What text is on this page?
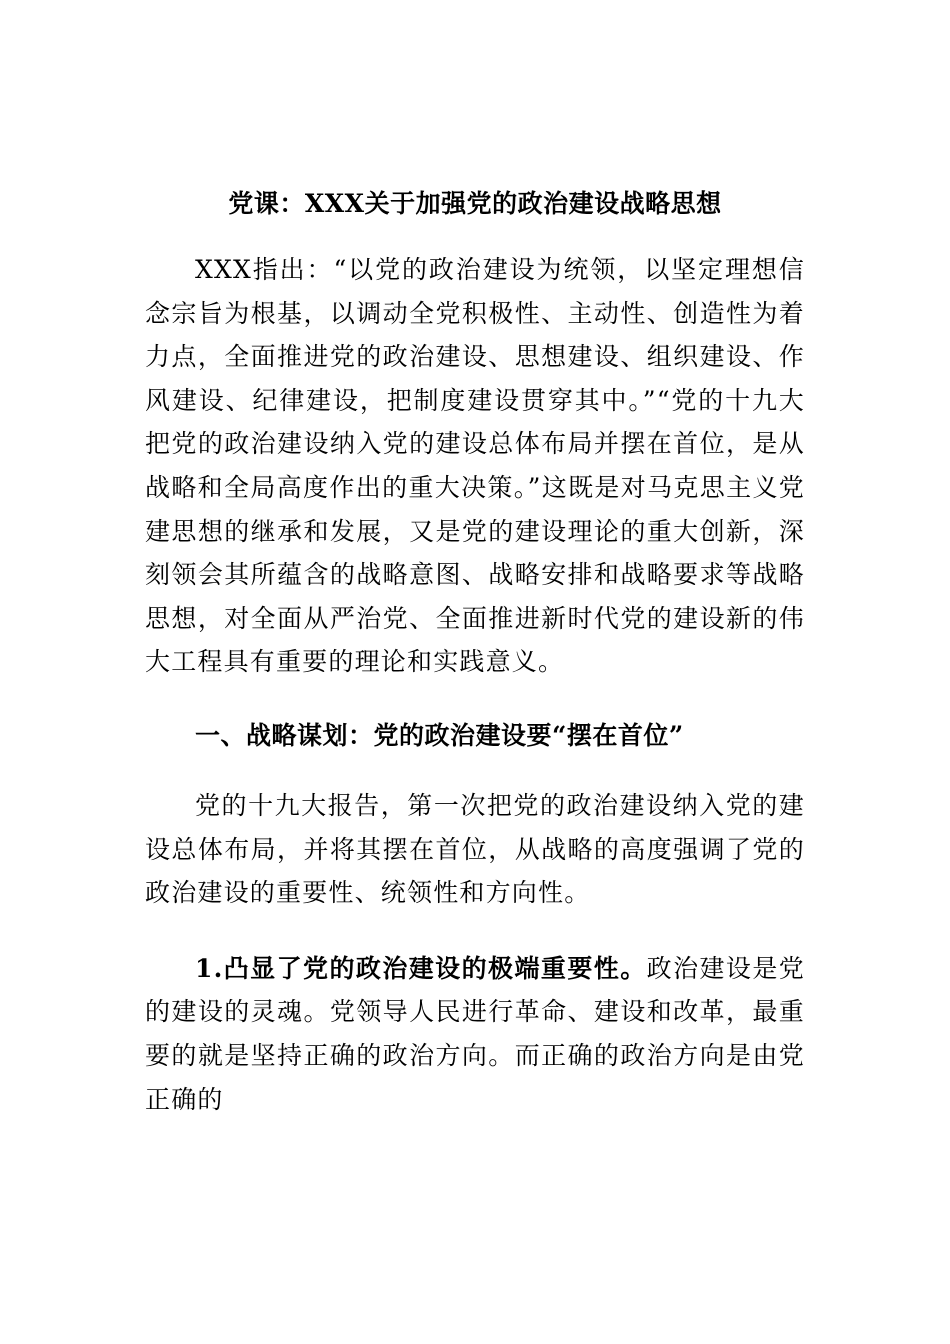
党课：XXX关于加强党的政治建设战略思想

XXX指出：“以党的政治建设为统领，以坚定理想信念宗旨为根基，以调动全党积极性、主动性、创造性为着力点，全面推进党的政治建设、思想建设、组织建设、作风建设、纪律建设，把制度建设贯穿其中。”“党的十九大把党的政治建设纳入党的建设总体布局并摆在首位，是从战略和全局高度作出的重大决策。”这既是对马克思主义党建思想的继承和发展，又是党的建设理论的重大创新，深刻领会其所蕴含的战略意图、战略安排和战略要求等战略思想，对全面从严治党、全面推进新时代党的建设新的伟大工程具有重要的理论和实践意义。

一、战略谋划：党的政治建设要“摆在首位”

党的十九大报告，第一次把党的政治建设纳入党的建设总体布局，并将其摆在首位，从战略的高度强调了党的政治建设的重要性、统领性和方向性。

1.凸显了党的政治建设的极端重要性。政治建设是党的建设的灵魂。党领导人民进行革命、建设和改革，最重要的就是坚持正确的政治方向。而正确的政治方向是由党正确的
